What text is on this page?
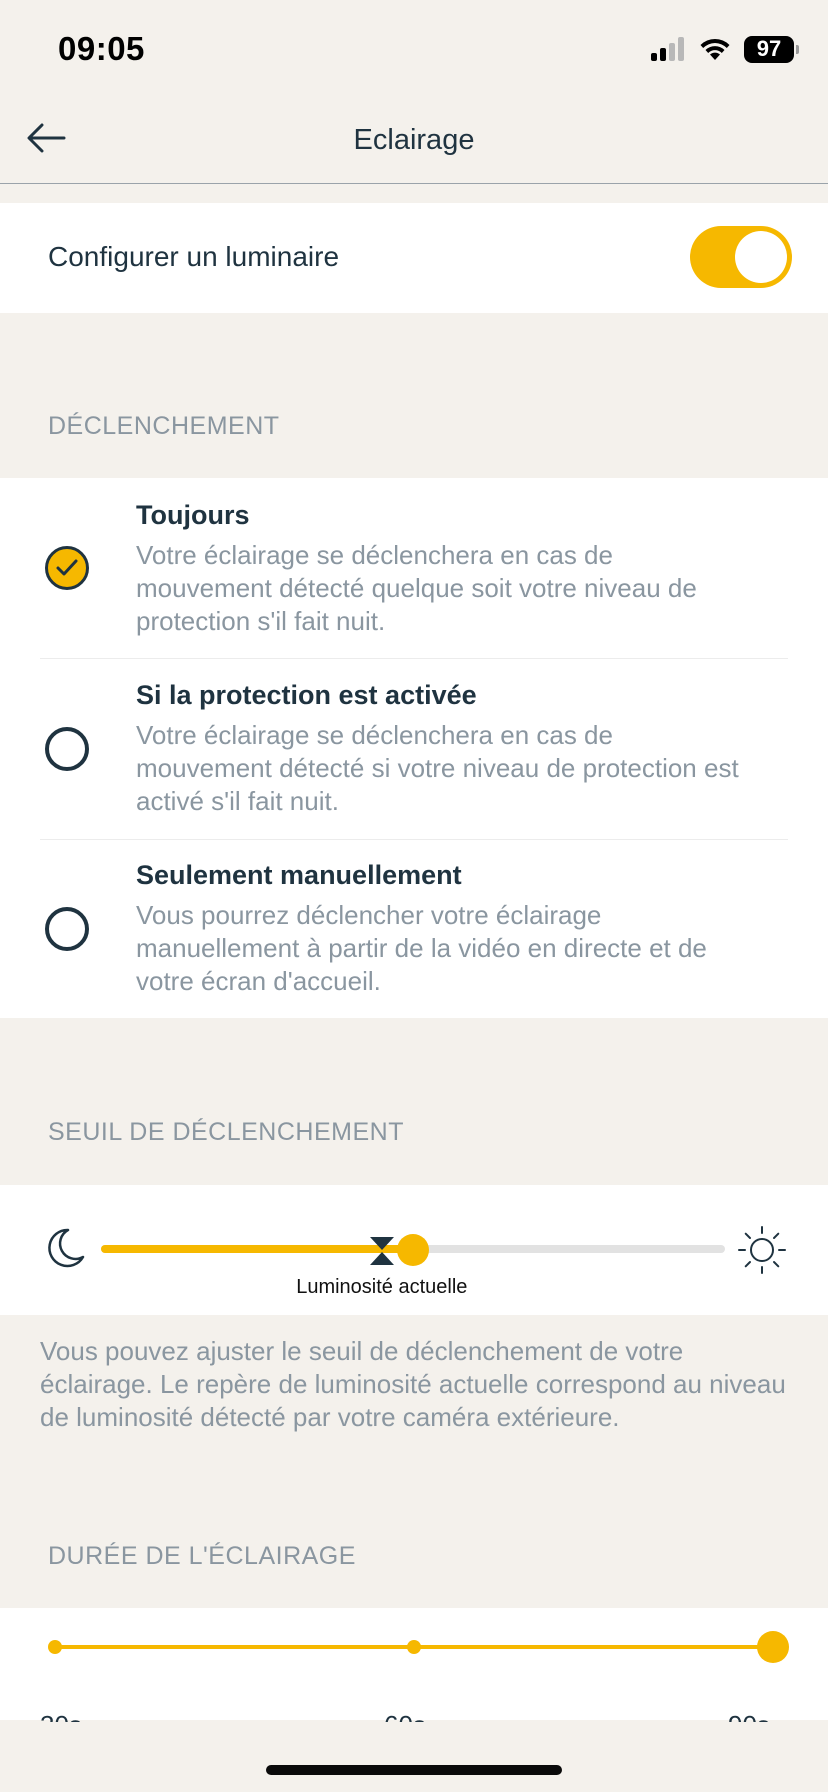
09:05	97
Eclairage
Configurer un luminaire
DÉCLENCHEMENT
Toujours
Votre éclairage se déclenchera en cas de mouvement détecté quelque soit votre niveau de protection s'il fait nuit.
Si la protection est activée
Votre éclairage se déclenchera en cas de mouvement détecté si votre niveau de protection est activé s'il fait nuit.
Seulement manuellement
Vous pourrez déclencher votre éclairage manuellement à partir de la vidéo en directe et de votre écran d'accueil.
SEUIL DE DÉCLENCHEMENT
Luminosité actuelle
Vous pouvez ajuster le seuil de déclenchement de votre éclairage. Le repère de luminosité actuelle correspond au niveau de luminosité détecté par votre caméra extérieure.
DURÉE DE L'ÉCLAIRAGE
